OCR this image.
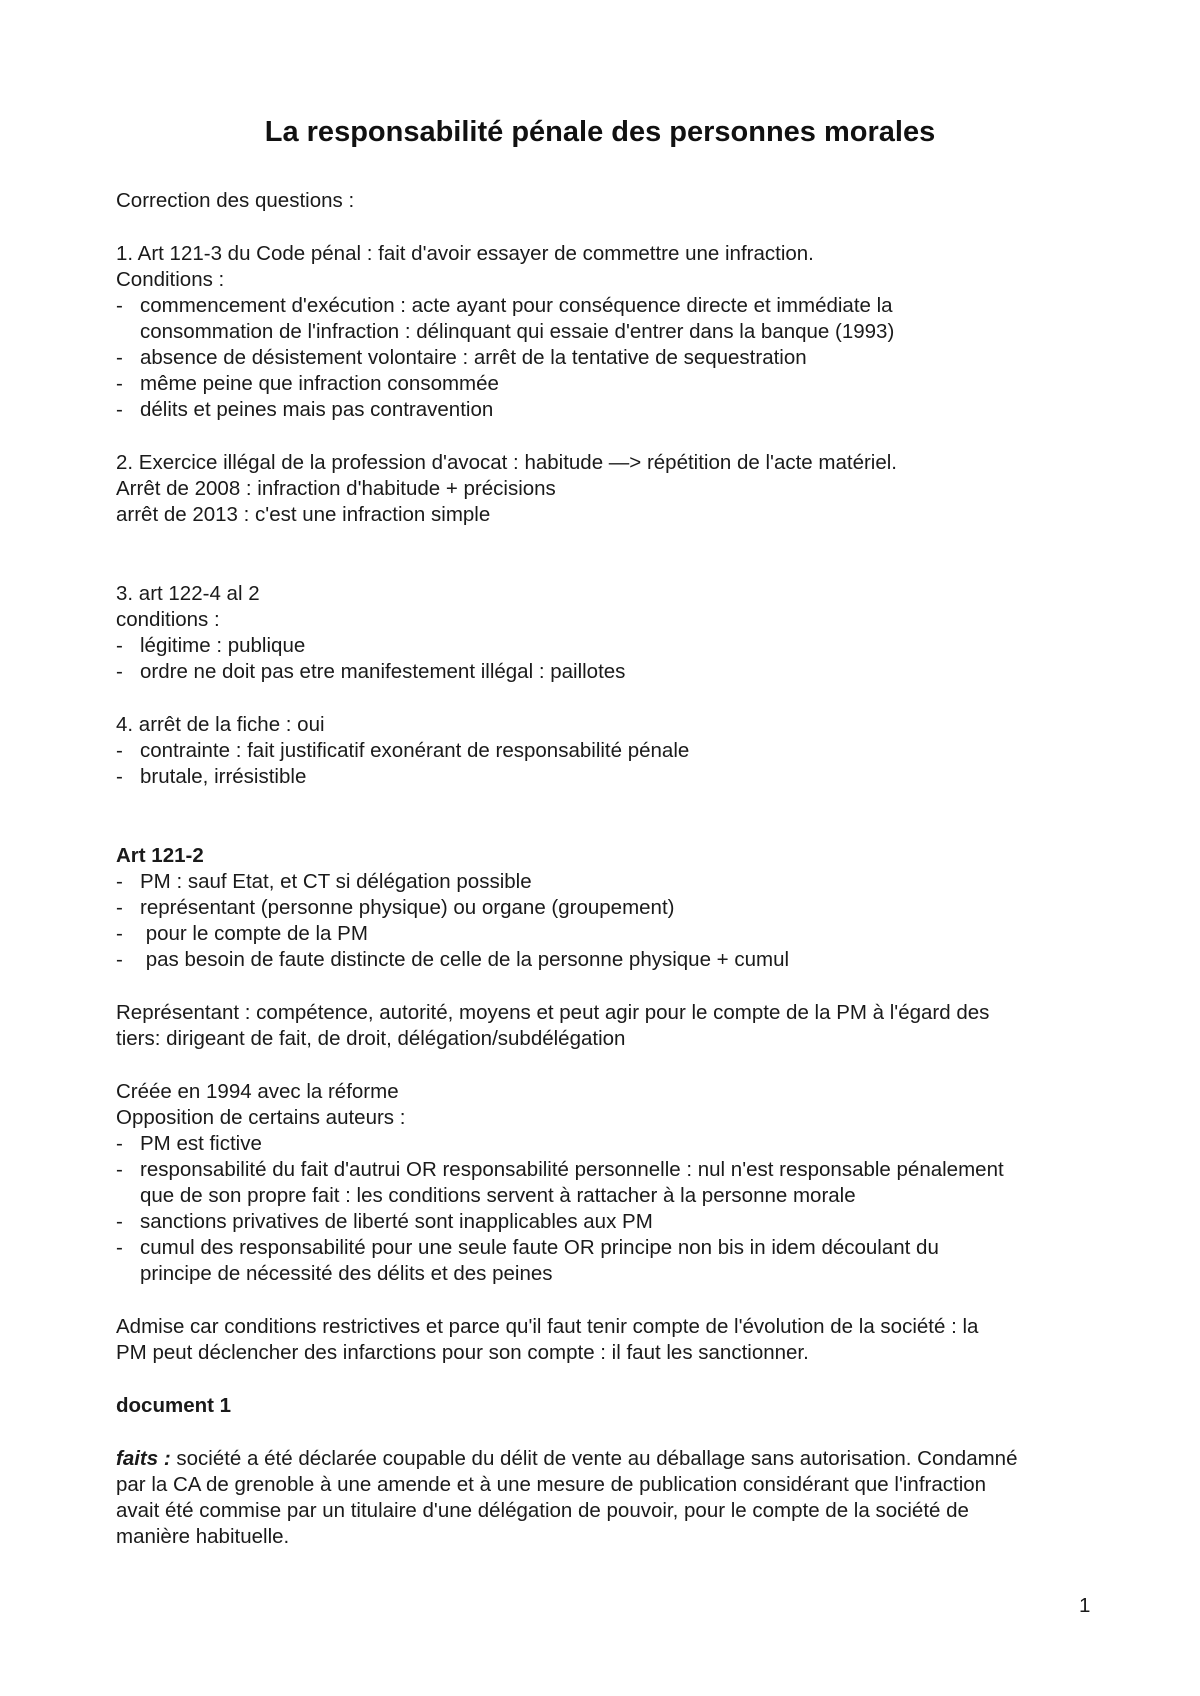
La responsabilité pénale des personnes morales
Correction des questions :
1. Art 121-3 du Code pénal : fait d'avoir essayer de commettre une infraction.
Conditions :
- commencement d'exécution : acte ayant pour conséquence directe et immédiate la
consommation de l'infraction : délinquant qui essaie d'entrer dans la banque (1993)
- absence de désistement volontaire : arrêt de la tentative de sequestration
- même peine que infraction consommée
- délits et peines mais pas contravention
2. Exercice illégal de la profession d'avocat : habitude —> répétition de l'acte matériel.
Arrêt de 2008 : infraction d'habitude + précisions
arrêt de 2013 : c'est une infraction simple
3. art 122-4 al 2
conditions :
- légitime : publique
- ordre ne doit pas etre manifestement illégal : paillotes
4. arrêt de la fiche : oui
- contrainte : fait justificatif exonérant de responsabilité pénale
- brutale, irrésistible
Art 121-2
- PM : sauf Etat, et CT si délégation possible
- représentant (personne physique) ou organe (groupement)
- pour le compte de la PM
- pas besoin de faute distincte de celle de la personne physique + cumul
Représentant : compétence, autorité, moyens et peut agir pour le compte de la PM à l'égard des
tiers: dirigeant de fait, de droit, délégation/subdélégation
Créée en 1994 avec la réforme
Opposition de certains auteurs :
- PM est fictive
- responsabilité du fait d'autrui OR responsabilité personnelle : nul n'est responsable pénalement
que de son propre fait : les conditions servent à rattacher à la personne morale
- sanctions privatives de liberté sont inapplicables aux PM
- cumul des responsabilité pour une seule faute OR principe non bis in idem découlant du
principe de nécessité des délits et des peines
Admise car conditions restrictives et parce qu'il faut tenir compte de l'évolution de la société : la
PM peut déclencher des infarctions pour son compte : il faut les sanctionner.
document 1
faits : société a été déclarée coupable du délit de vente au déballage sans autorisation. Condamné
par la CA de grenoble à une amende et à une mesure de publication considérant que l'infraction
avait été commise par un titulaire d'une délégation de pouvoir, pour le compte de la société de
manière habituelle.
1
